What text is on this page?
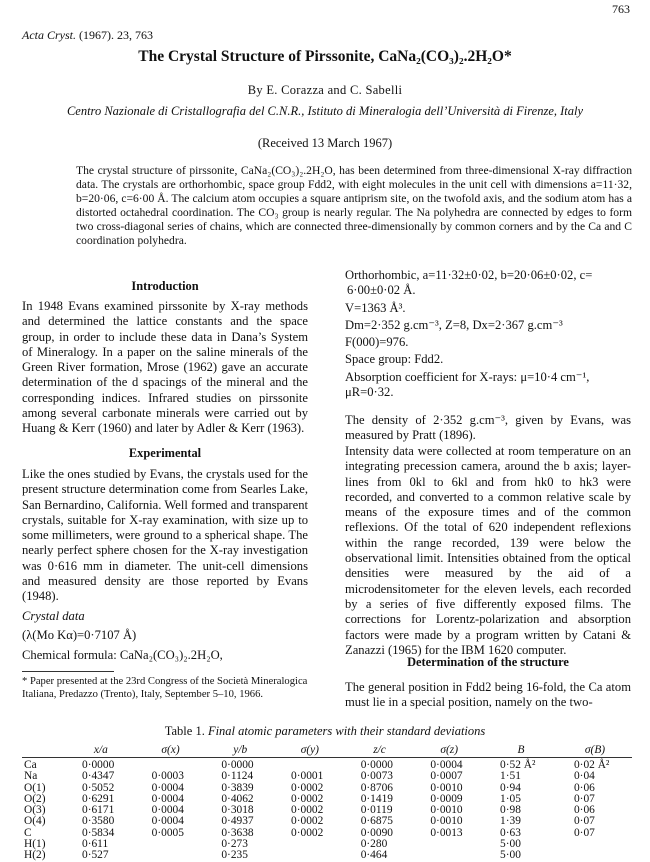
763
Acta Cryst. (1967). 23, 763
The Crystal Structure of Pirssonite, CaNa₂(CO₃)₂.2H₂O*
By E. Corazza and C. Sabelli
Centro Nazionale di Cristallografia del C.N.R., Istituto di Mineralogia dell’Università di Firenze, Italy
(Received 13 March 1967)
The crystal structure of pirssonite, CaNa₂(CO₃)₂.2H₂O, has been determined from three-dimensional X-ray diffraction data. The crystals are orthorhombic, space group Fdd2, with eight molecules in the unit cell with dimensions a=11·32, b=20·06, c=6·00 Å. The calcium atom occupies a square antiprism site, on the twofold axis, and the sodium atom has a distorted octahedral coordination. The CO₃ group is nearly regular. The Na polyhedra are connected by edges to form two cross-diagonal series of chains, which are connected three-dimensionally by common corners and by the Ca and C coordination polyhedra.
Introduction
In 1948 Evans examined pirssonite by X-ray methods and determined the lattice constants and the space group, in order to include these data in Dana’s System of Mineralogy. In a paper on the saline minerals of the Green River formation, Mrose (1962) gave an accurate determination of the d spacings of the mineral and the corresponding indices. Infrared studies on pirssonite among several carbonate minerals were carried out by Huang & Kerr (1960) and later by Adler & Kerr (1963).
Experimental
Like the ones studied by Evans, the crystals used for the present structure determination come from Searles Lake, San Bernardino, California. Well formed and transparent crystals, suitable for X-ray examination, with size up to some millimeters, were ground to a spherical shape. The nearly perfect sphere chosen for the X-ray investigation was 0·616 mm in diameter. The unit-cell dimensions and measured density are those reported by Evans (1948).
Crystal data
(λ(Mo Kα)=0·7107 Å)
Chemical formula: CaNa₂(CO₃)₂.2H₂O,
* Paper presented at the 23rd Congress of the Società Mineralogica Italiana, Predazzo (Trento), Italy, September 5–10, 1966.
Orthorhombic, a=11·32±0·02, b=20·06±0·02, c=
6·00±0·02 Å.
V=1363 Å³.
Dm=2·352 g.cm⁻³, Z=8, Dx=2·367 g.cm⁻³
F(000)=976.
Space group: Fdd2.
Absorption coefficient for X-rays: μ=10·4 cm⁻¹,
μR=0·32.
The density of 2·352 g.cm⁻³, given by Evans, was measured by Pratt (1896).
Intensity data were collected at room temperature on an integrating precession camera, around the b axis; layer-lines from 0kl to 6kl and from hk0 to hk3 were recorded, and converted to a common relative scale by means of the exposure times and of the common reflexions. Of the total of 620 independent reflexions within the range recorded, 139 were below the observational limit. Intensities obtained from the optical densities were measured by the aid of a microdensitometer for the eleven levels, each recorded by a series of five differently exposed films. The corrections for Lorentz-polarization and absorption factors were made by a program written by Catani & Zanazzi (1965) for the IBM 1620 computer.
Determination of the structure
The general position in Fdd2 being 16-fold, the Ca atom must lie in a special position, namely on the two-
Table 1. Final atomic parameters with their standard deviations
	x/a	σ(x)	y/b	σ(y)	z/c	σ(z)	B	σ(B)
Ca	0·0000		0·0000		0·0000	0·0004	0·52 Å²	0·02 Å²
Na	0·4347	0·0003	0·1124	0·0001	0·0073	0·0007	1·51	0·04
O(1)	0·5052	0·0004	0·3839	0·0002	0·8706	0·0010	0·94	0·06
O(2)	0·6291	0·0004	0·4062	0·0002	0·1419	0·0009	1·05	0·07
O(3)	0·6171	0·0004	0·3018	0·0002	0·0119	0·0010	0·98	0·06
O(4)	0·3580	0·0004	0·4937	0·0002	0·6875	0·0010	1·39	0·07
C	0·5834	0·0005	0·3638	0·0002	0·0090	0·0013	0·63	0·07
H(1)	0·611		0·273		0·280		5·00	
H(2)	0·527		0·235		0·464		5·00	
